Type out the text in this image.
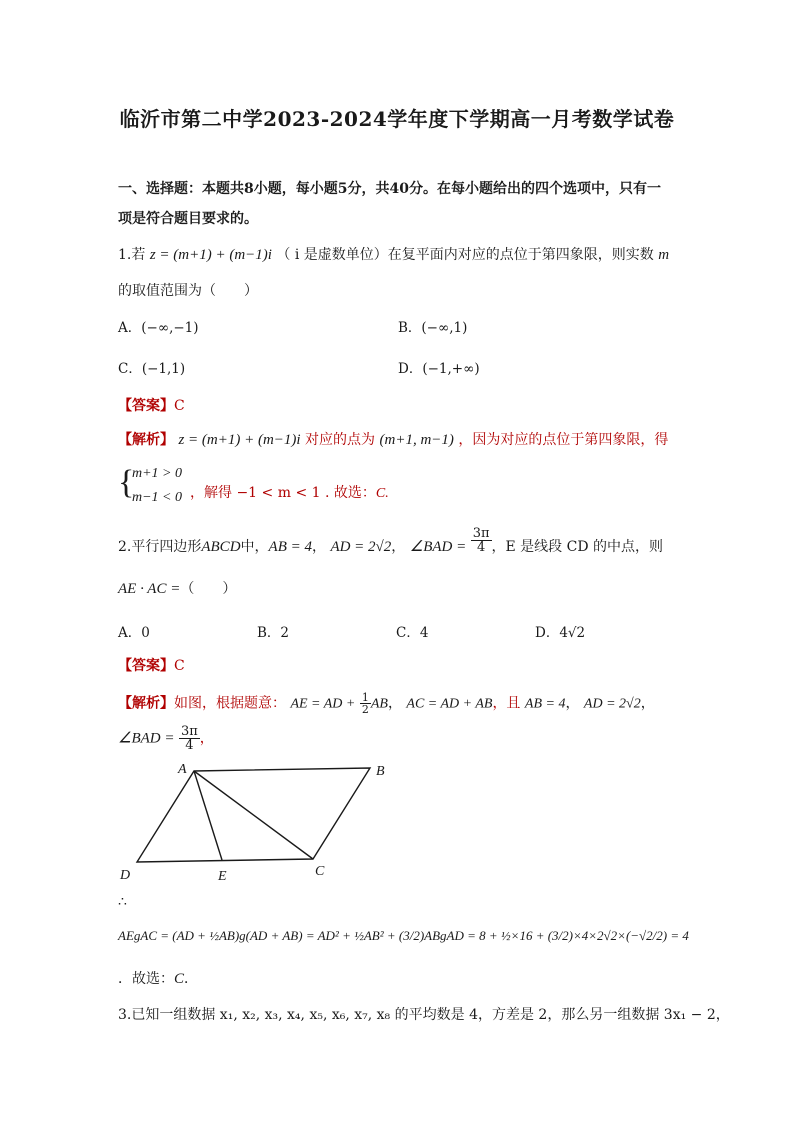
临沂市第二中学2023-2024学年度下学期高一月考数学试卷
一、选择题：本题共8小题，每小题5分，共40分。在每小题给出的四个选项中，只有一
项是符合题目要求的。
1.若 z = (m+1) + (m−1)i （ i 是虚数单位）在复平面内对应的点位于第四象限，则实数 m
的取值范围为（　　）
A．(−∞,−1)	B．(−∞,1)
C．(−1,1)	D．(−1,+∞)
【答案】C
【解析】 z = (m+1) + (m−1)i 对应的点为 (m+1, m−1) ，因为对应的点位于第四象限，得
{
m+1 > 0
m−1 < 0 ，解得 −1 < m < 1 . 故选：C.
2.平行四边形ABCD中，AB = 4， AD = 2√2， ∠BAD = $\frac{3\pi}{4}$ ，E 是线段 CD 的中点，则
AE · AC =（　　）
A．0	B．2	C．4	D．4√2
【答案】C
【解析】如图，根据题意： AE = AD + $\frac{1}{2}$ AB， AC = AD + AB，且 AB = 4， AD = 2√2，
∠BAD = $\frac{3\pi}{4}$ ，
A	B
C
D	E
∴
AEgAC = (AD + ½AB)g(AD + AB) = AD² + ½AB² + (3/2)ABgAD = 8 + ½×16 + (3/2)×4×2√2×(−√2/2) = 4
．故选：C．
3.已知一组数据 x₁, x₂, x₃, x₄, x₅, x₆, x₇, x₈ 的平均数是 4，方差是 2，那么另一组数据 3x₁ − 2，
